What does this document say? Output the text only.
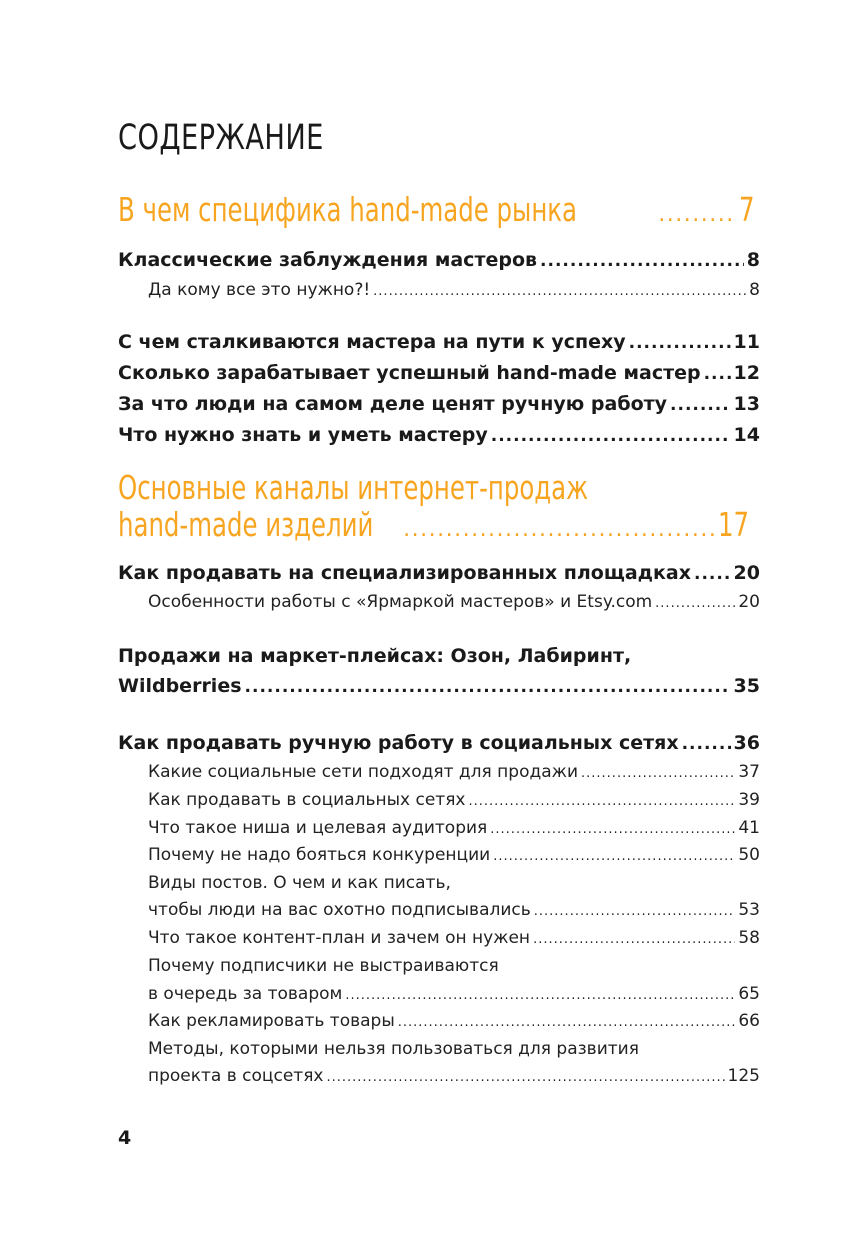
СОДЕРЖАНИЕ
В чем специфика hand-made рынка .....	7
Классические заблуждения мастеров .....	8
Да кому все это нужно?! .....	8
С чем сталкиваются мастера на пути к успеху .....	11
Сколько зарабатывает успешный hand-made мастер ..... 12
За что люди на самом деле ценят ручную работу .....	13
Что нужно знать и уметь мастеру .....	14
Основные каналы интернет-продаж
hand-made изделий .....	17
Как продавать на специализированных площадках ..... 20
Особенности работы с «Ярмаркой мастеров» и Etsy.com .....	20
Продажи на маркет-плейсах: Озон, Лабиринт,
Wildberries .....	35
Как продавать ручную работу в социальных сетях .....	36
Какие социальные сети подходят для продажи .....	37
Как продавать в социальных сетях .....	39
Что такое ниша и целевая аудитория .....	41
Почему не надо бояться конкуренции .....	50
Виды постов. О чем и как писать,
чтобы люди на вас охотно подписывались .....	53
Что такое контент-план и зачем он нужен .....	58
Почему подписчики не выстраиваются
в очередь за товаром .....	65
Как рекламировать товары .....	66
Методы, которыми нельзя пользоваться для развития
проекта в соцсетях .....	125
4
